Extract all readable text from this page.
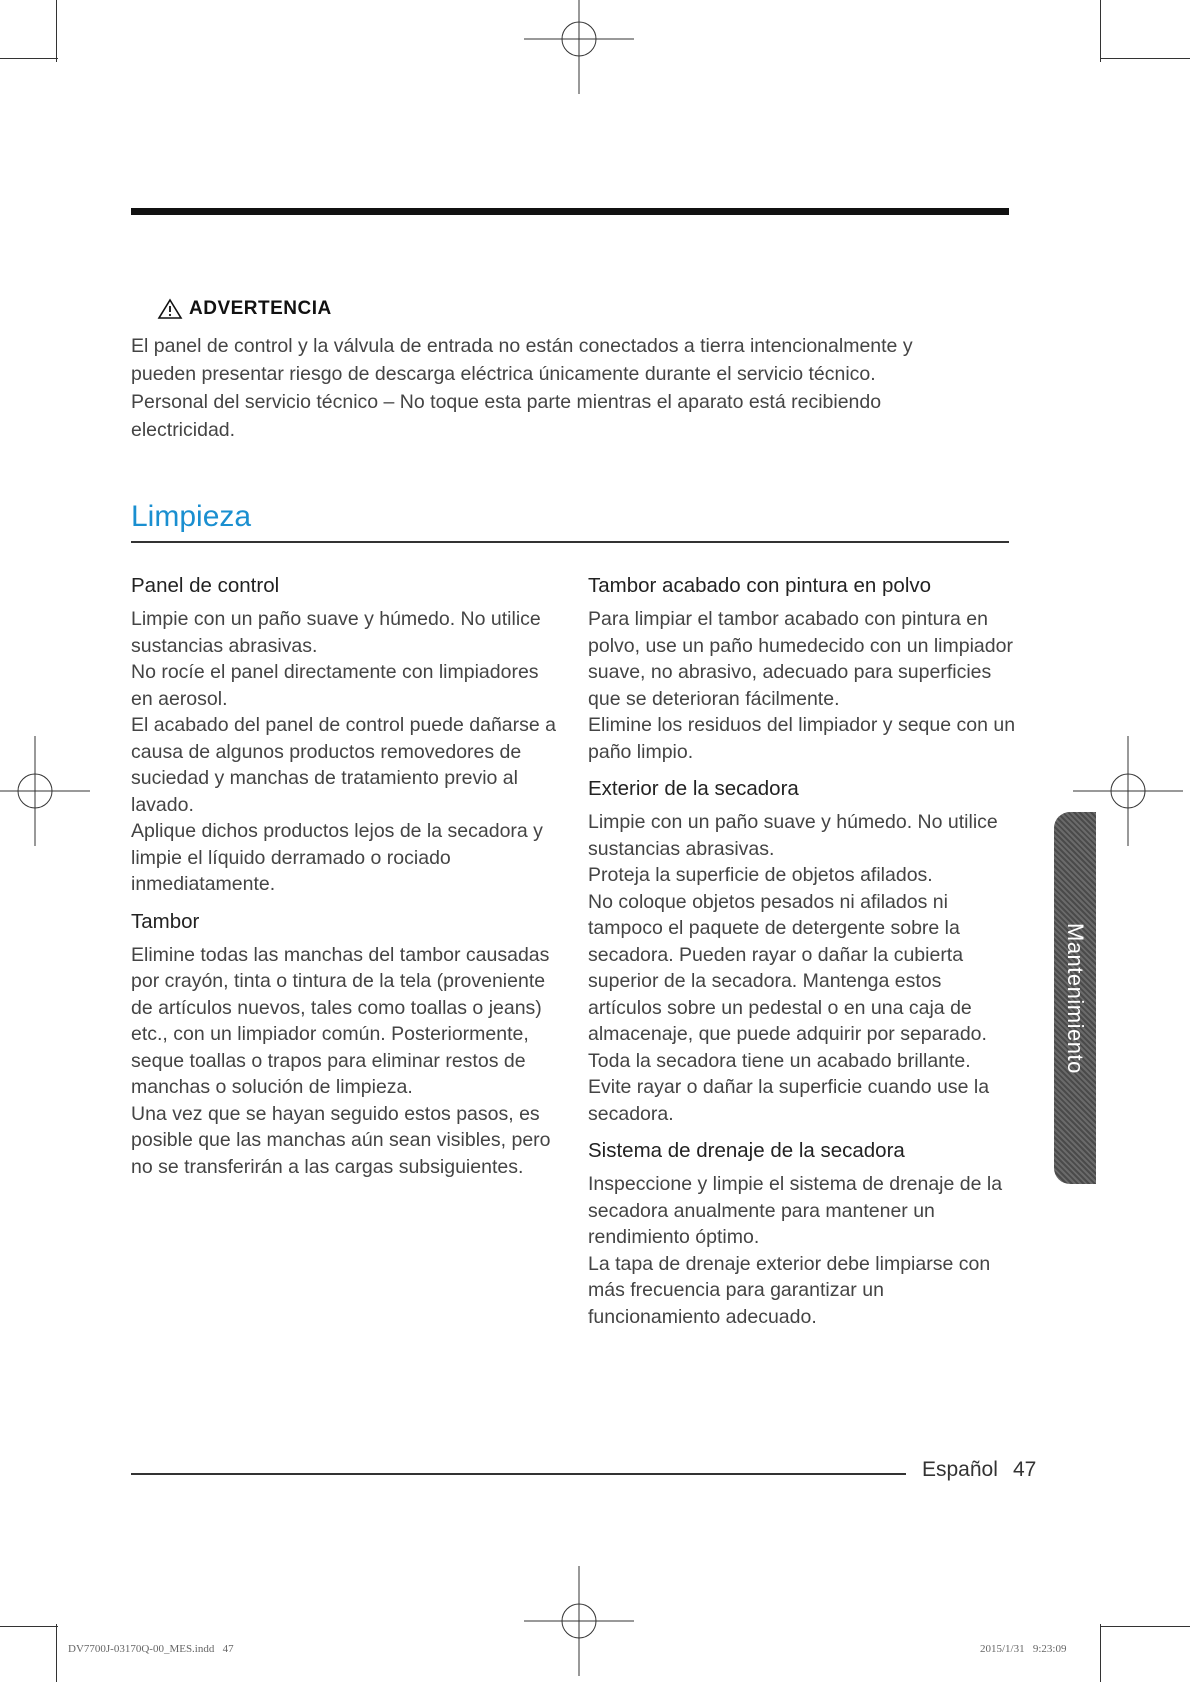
ADVERTENCIA

El panel de control y la válvula de entrada no están conectados a tierra intencionalmente y pueden presentar riesgo de descarga eléctrica únicamente durante el servicio técnico. Personal del servicio técnico – No toque esta parte mientras el aparato está recibiendo electricidad.

Limpieza
Panel de control

Limpie con un paño suave y húmedo. No utilice sustancias abrasivas.

No rocíe el panel directamente con limpiadores en aerosol.

El acabado del panel de control puede dañarse a causa de algunos productos removedores de suciedad y manchas de tratamiento previo al lavado.

Aplique dichos productos lejos de la secadora y limpie el líquido derramado o rociado inmediatamente.

Tambor

Elimine todas las manchas del tambor causadas por crayón, tinta o tintura de la tela (proveniente de artículos nuevos, tales como toallas o jeans) etc., con un limpiador común. Posteriormente, seque toallas o trapos para eliminar restos de manchas o solución de limpieza.

Una vez que se hayan seguido estos pasos, es posible que las manchas aún sean visibles, pero no se transferirán a las cargas subsiguientes.

Tambor acabado con pintura en polvo

Para limpiar el tambor acabado con pintura en polvo, use un paño humedecido con un limpiador suave, no abrasivo, adecuado para superficies que se deterioran fácilmente.

Elimine los residuos del limpiador y seque con un paño limpio.

Exterior de la secadora

Limpie con un paño suave y húmedo. No utilice sustancias abrasivas.

Proteja la superficie de objetos afilados.

No coloque objetos pesados ni afilados ni tampoco el paquete de detergente sobre la secadora. Pueden rayar o dañar la cubierta superior de la secadora. Mantenga estos artículos sobre un pedestal o en una caja de almacenaje, que puede adquirir por separado.

Toda la secadora tiene un acabado brillante. Evite rayar o dañar la superficie cuando use la secadora.

Sistema de drenaje de la secadora

Inspeccione y limpie el sistema de drenaje de la secadora anualmente para mantener un rendimiento óptimo.

La tapa de drenaje exterior debe limpiarse con más frecuencia para garantizar un funcionamiento adecuado.

Mantenimiento
Español 47
DV7700J-03170Q-00_MES.indd   47	2015/1/31   9:23:09
